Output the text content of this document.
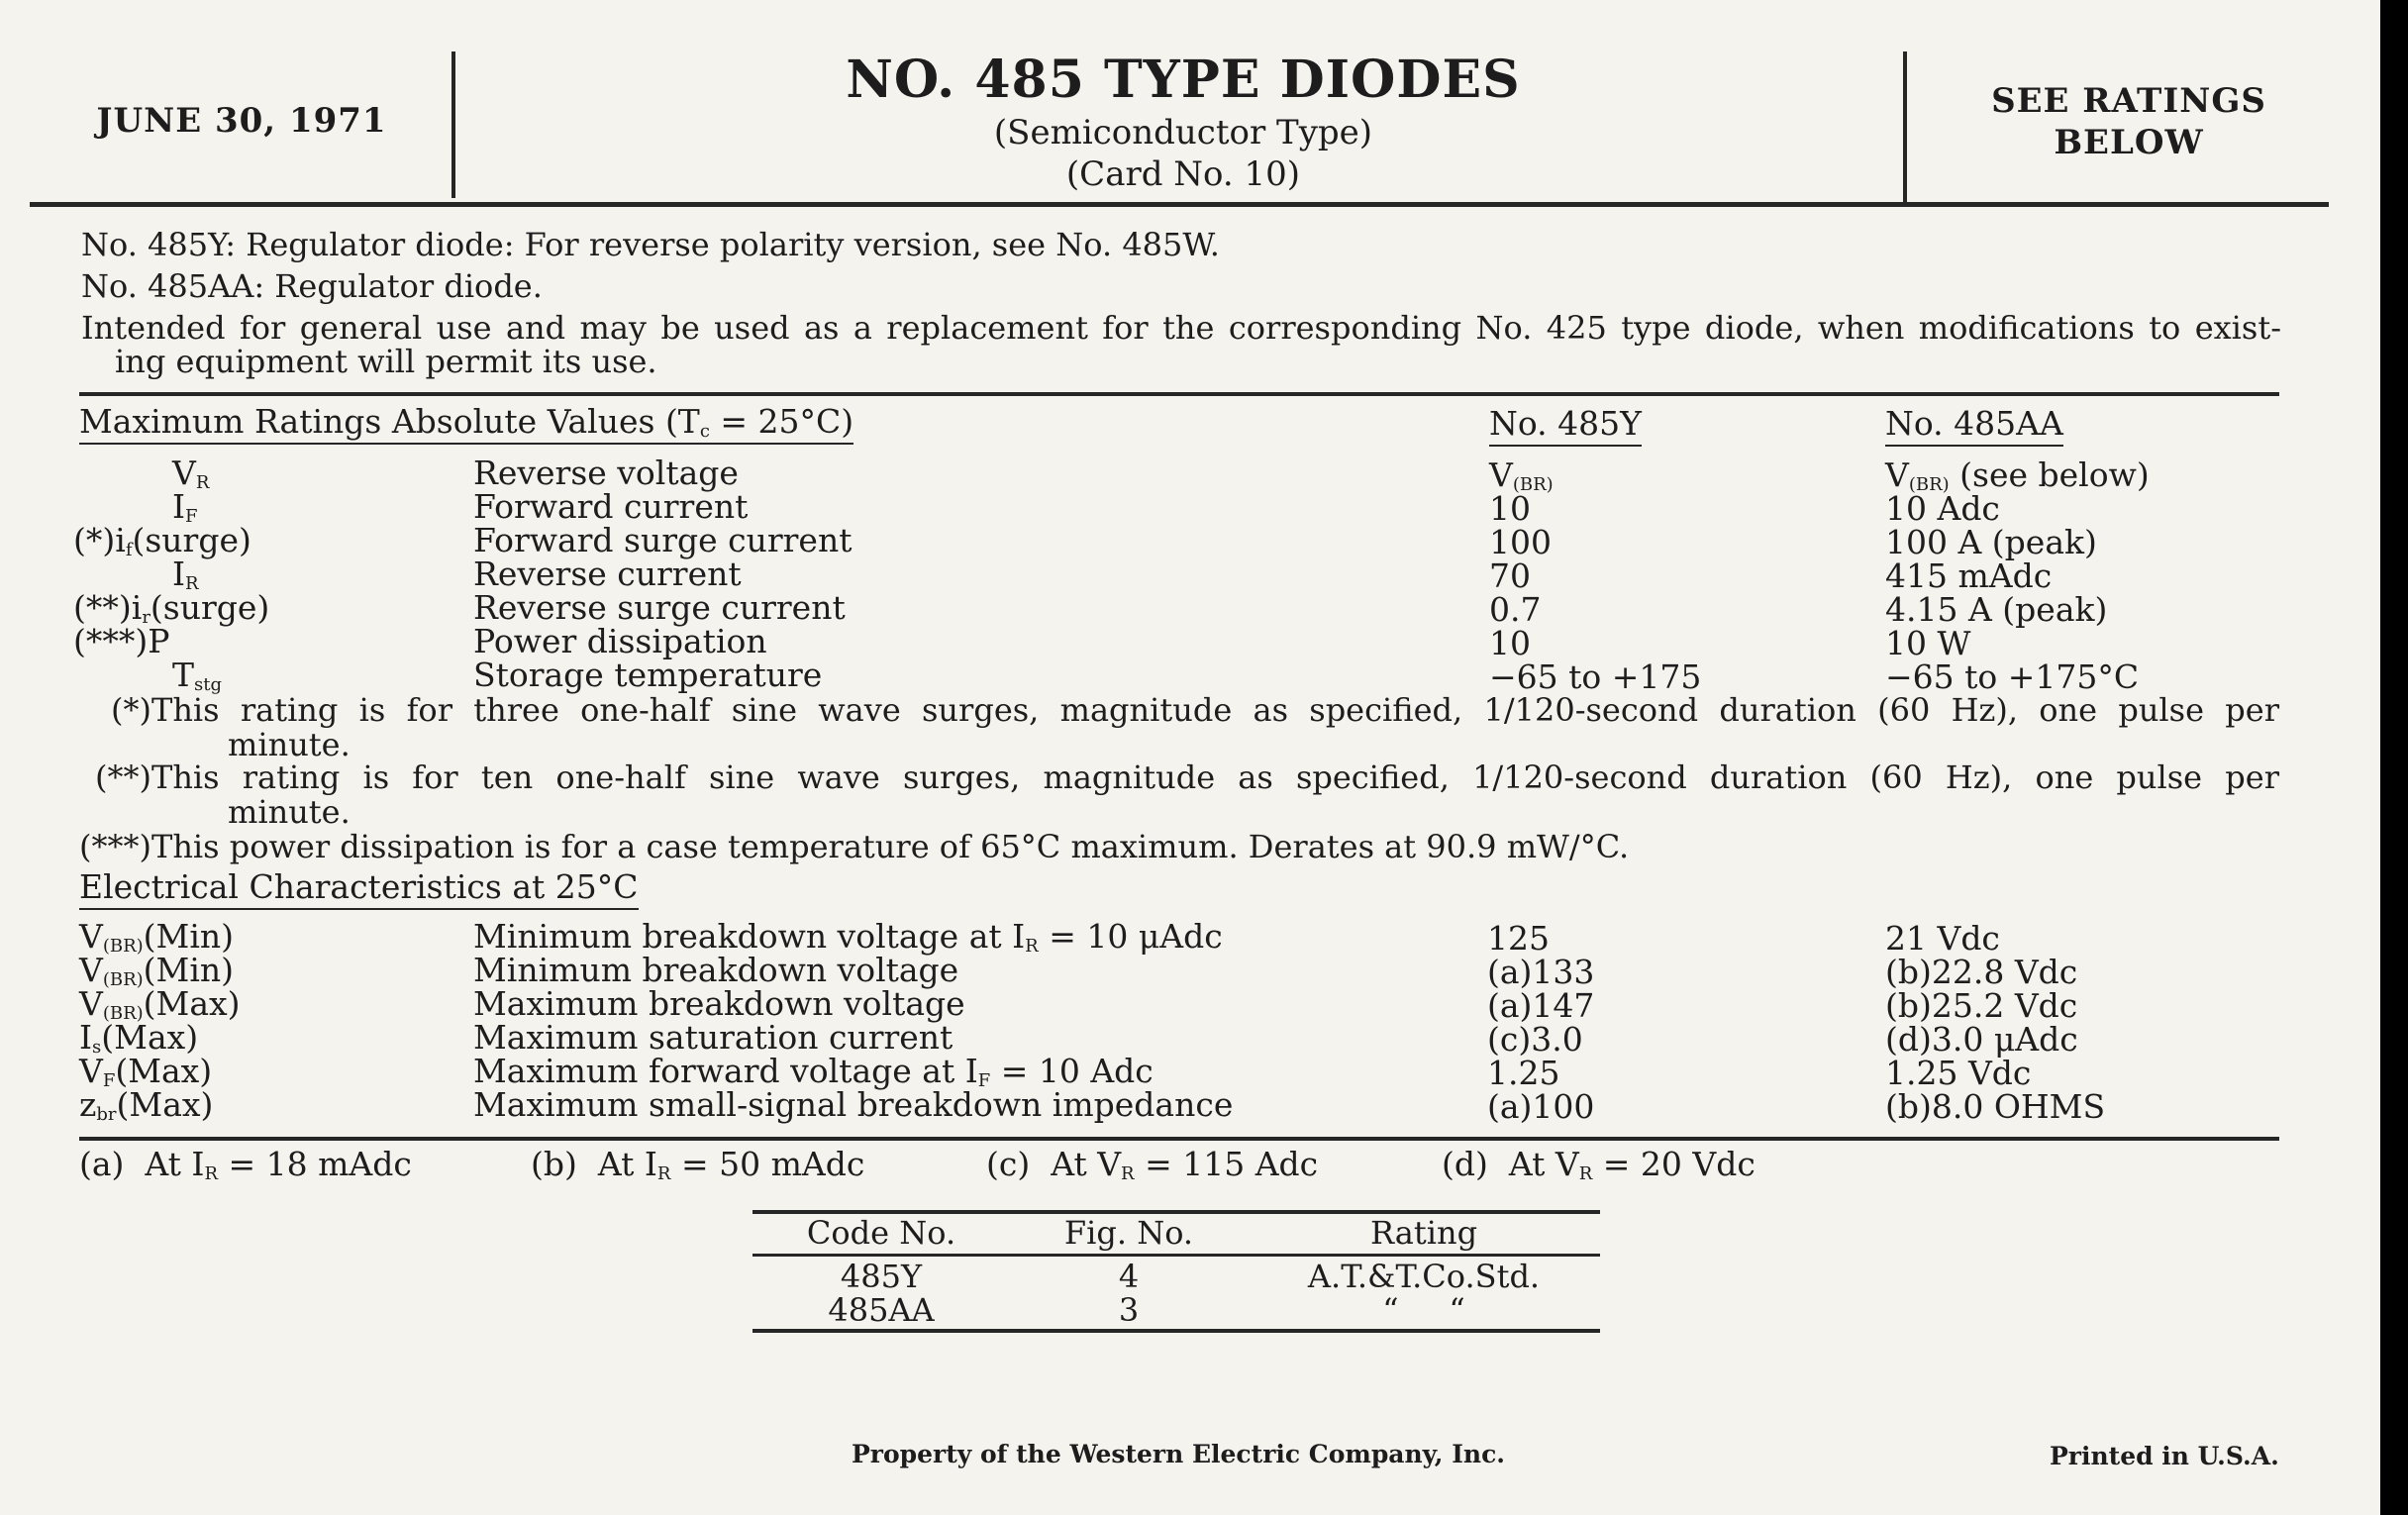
JUNE 30, 1971
NO. 485 TYPE DIODES
(Semiconductor Type)
(Card No. 10)
SEE RATINGS
BELOW
No. 485Y: Regulator diode: For reverse polarity version, see No. 485W.
No. 485AA: Regulator diode.
Intended for general use and may be used as a replacement for the corresponding No. 425 type diode, when modifications to exist-
ing equipment will permit its use.
Maximum Ratings Absolute Values $(T_c = 25^\circ C)$	No. 485Y	No. 485AA
$V_R$	Reverse voltage	$V_{(BR)}$	$V_{(BR)}$ (see below)
$I_F$	Forward current	10	10 Adc
$(*)i_f(surge)$	Forward surge current	100	100 A (peak)
$I_R$	Reverse current	70	415 mAdc
$(**)i_r(surge)$	Reverse surge current	0.7	4.15 A (peak)
(***)P	Power dissipation	10	10 W
$T_{stg}$	Storage temperature	−65 to +175	−65 to +175°C
(*)This rating is for three one-half sine wave surges, magnitude as specified, 1/120-second duration (60 Hz), one pulse per
minute.
(**)This rating is for ten one-half sine wave surges, magnitude as specified, 1/120-second duration (60 Hz), one pulse per
minute.
(***)This power dissipation is for a case temperature of 65°C maximum. Derates at 90.9 mW/°C.
Electrical Characteristics at 25°C
$V_{(BR)}(Min)$	Minimum breakdown voltage at $I_R = 10$ μAdc	125	21 Vdc
$V_{(BR)}(Min)$	Minimum breakdown voltage	(a)133	(b)22.8 Vdc
$V_{(BR)}(Max)$	Maximum breakdown voltage	(a)147	(b)25.2 Vdc
$I_s(Max)$	Maximum saturation current	(c)3.0	(d)3.0 μAdc
$V_F(Max)$	Maximum forward voltage at $I_F = 10$ Adc	1.25	1.25 Vdc
$z_{br}(Max)$	Maximum small-signal breakdown impedance	(a)100	(b)8.0 OHMS
(a)  At $I_R = 18$ mAdc	(b)  At $I_R = 50$ mAdc	(c)  At $V_R = 115$ Adc	(d)  At $V_R = 20$ Vdc
Code No.	Fig. No.	Rating
485Y	4	A.T.&T.Co.Std.
485AA	3	“     “
Property of the Western Electric Company, Inc.	Printed in U.S.A.
